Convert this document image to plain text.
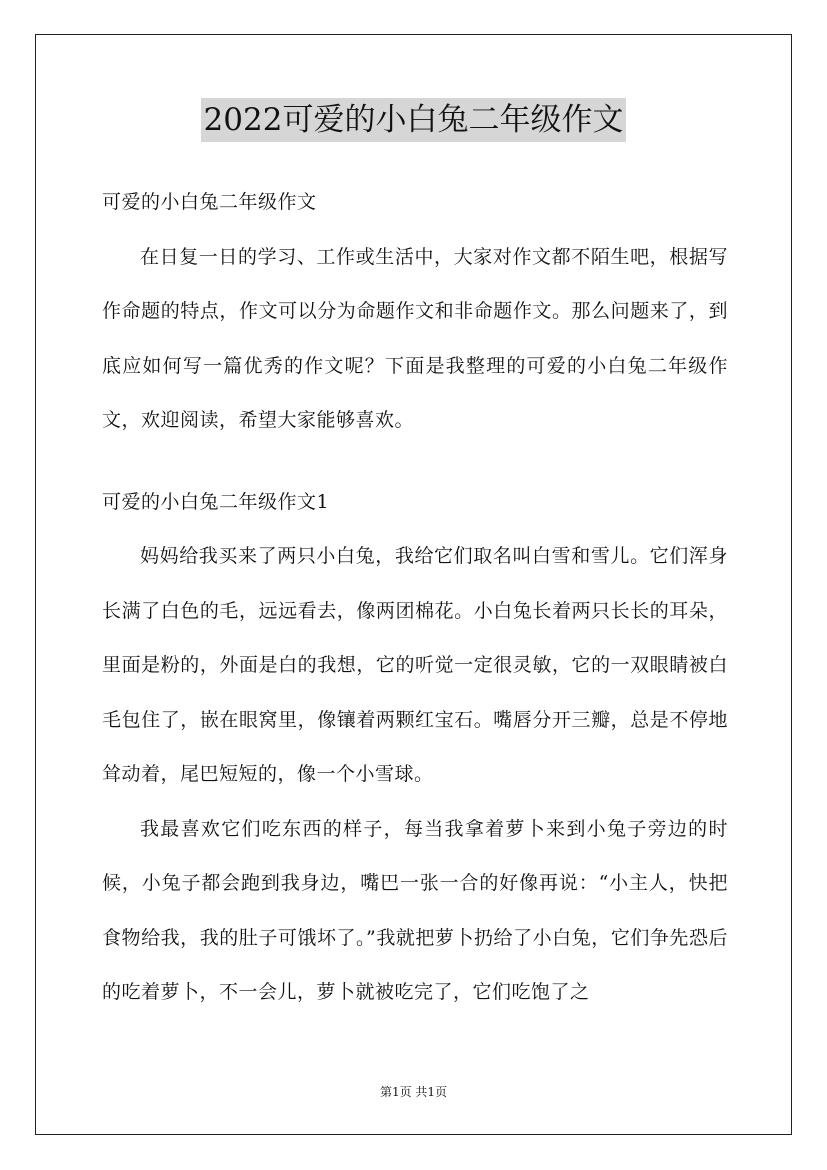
2022可爱的小白兔二年级作文

可爱的小白兔二年级作文

在日复一日的学习、工作或生活中，大家对作文都不陌生吧，根据写作命题的特点，作文可以分为命题作文和非命题作文。那么问题来了，到底应如何写一篇优秀的作文呢？下面是我整理的可爱的小白兔二年级作文，欢迎阅读，希望大家能够喜欢。

可爱的小白兔二年级作文1

妈妈给我买来了两只小白兔，我给它们取名叫白雪和雪儿。它们浑身长满了白色的毛，远远看去，像两团棉花。小白兔长着两只长长的耳朵，里面是粉的，外面是白的我想，它的听觉一定很灵敏，它的一双眼睛被白毛包住了，嵌在眼窝里，像镶着两颗红宝石。嘴唇分开三瓣，总是不停地耸动着，尾巴短短的，像一个小雪球。

我最喜欢它们吃东西的样子，每当我拿着萝卜来到小兔子旁边的时候，小兔子都会跑到我身边，嘴巴一张一合的好像再说：“小主人，快把食物给我，我的肚子可饿坏了。”我就把萝卜扔给了小白兔，它们争先恐后的吃着萝卜，不一会儿，萝卜就被吃完了，它们吃饱了之

第1页 共1页
